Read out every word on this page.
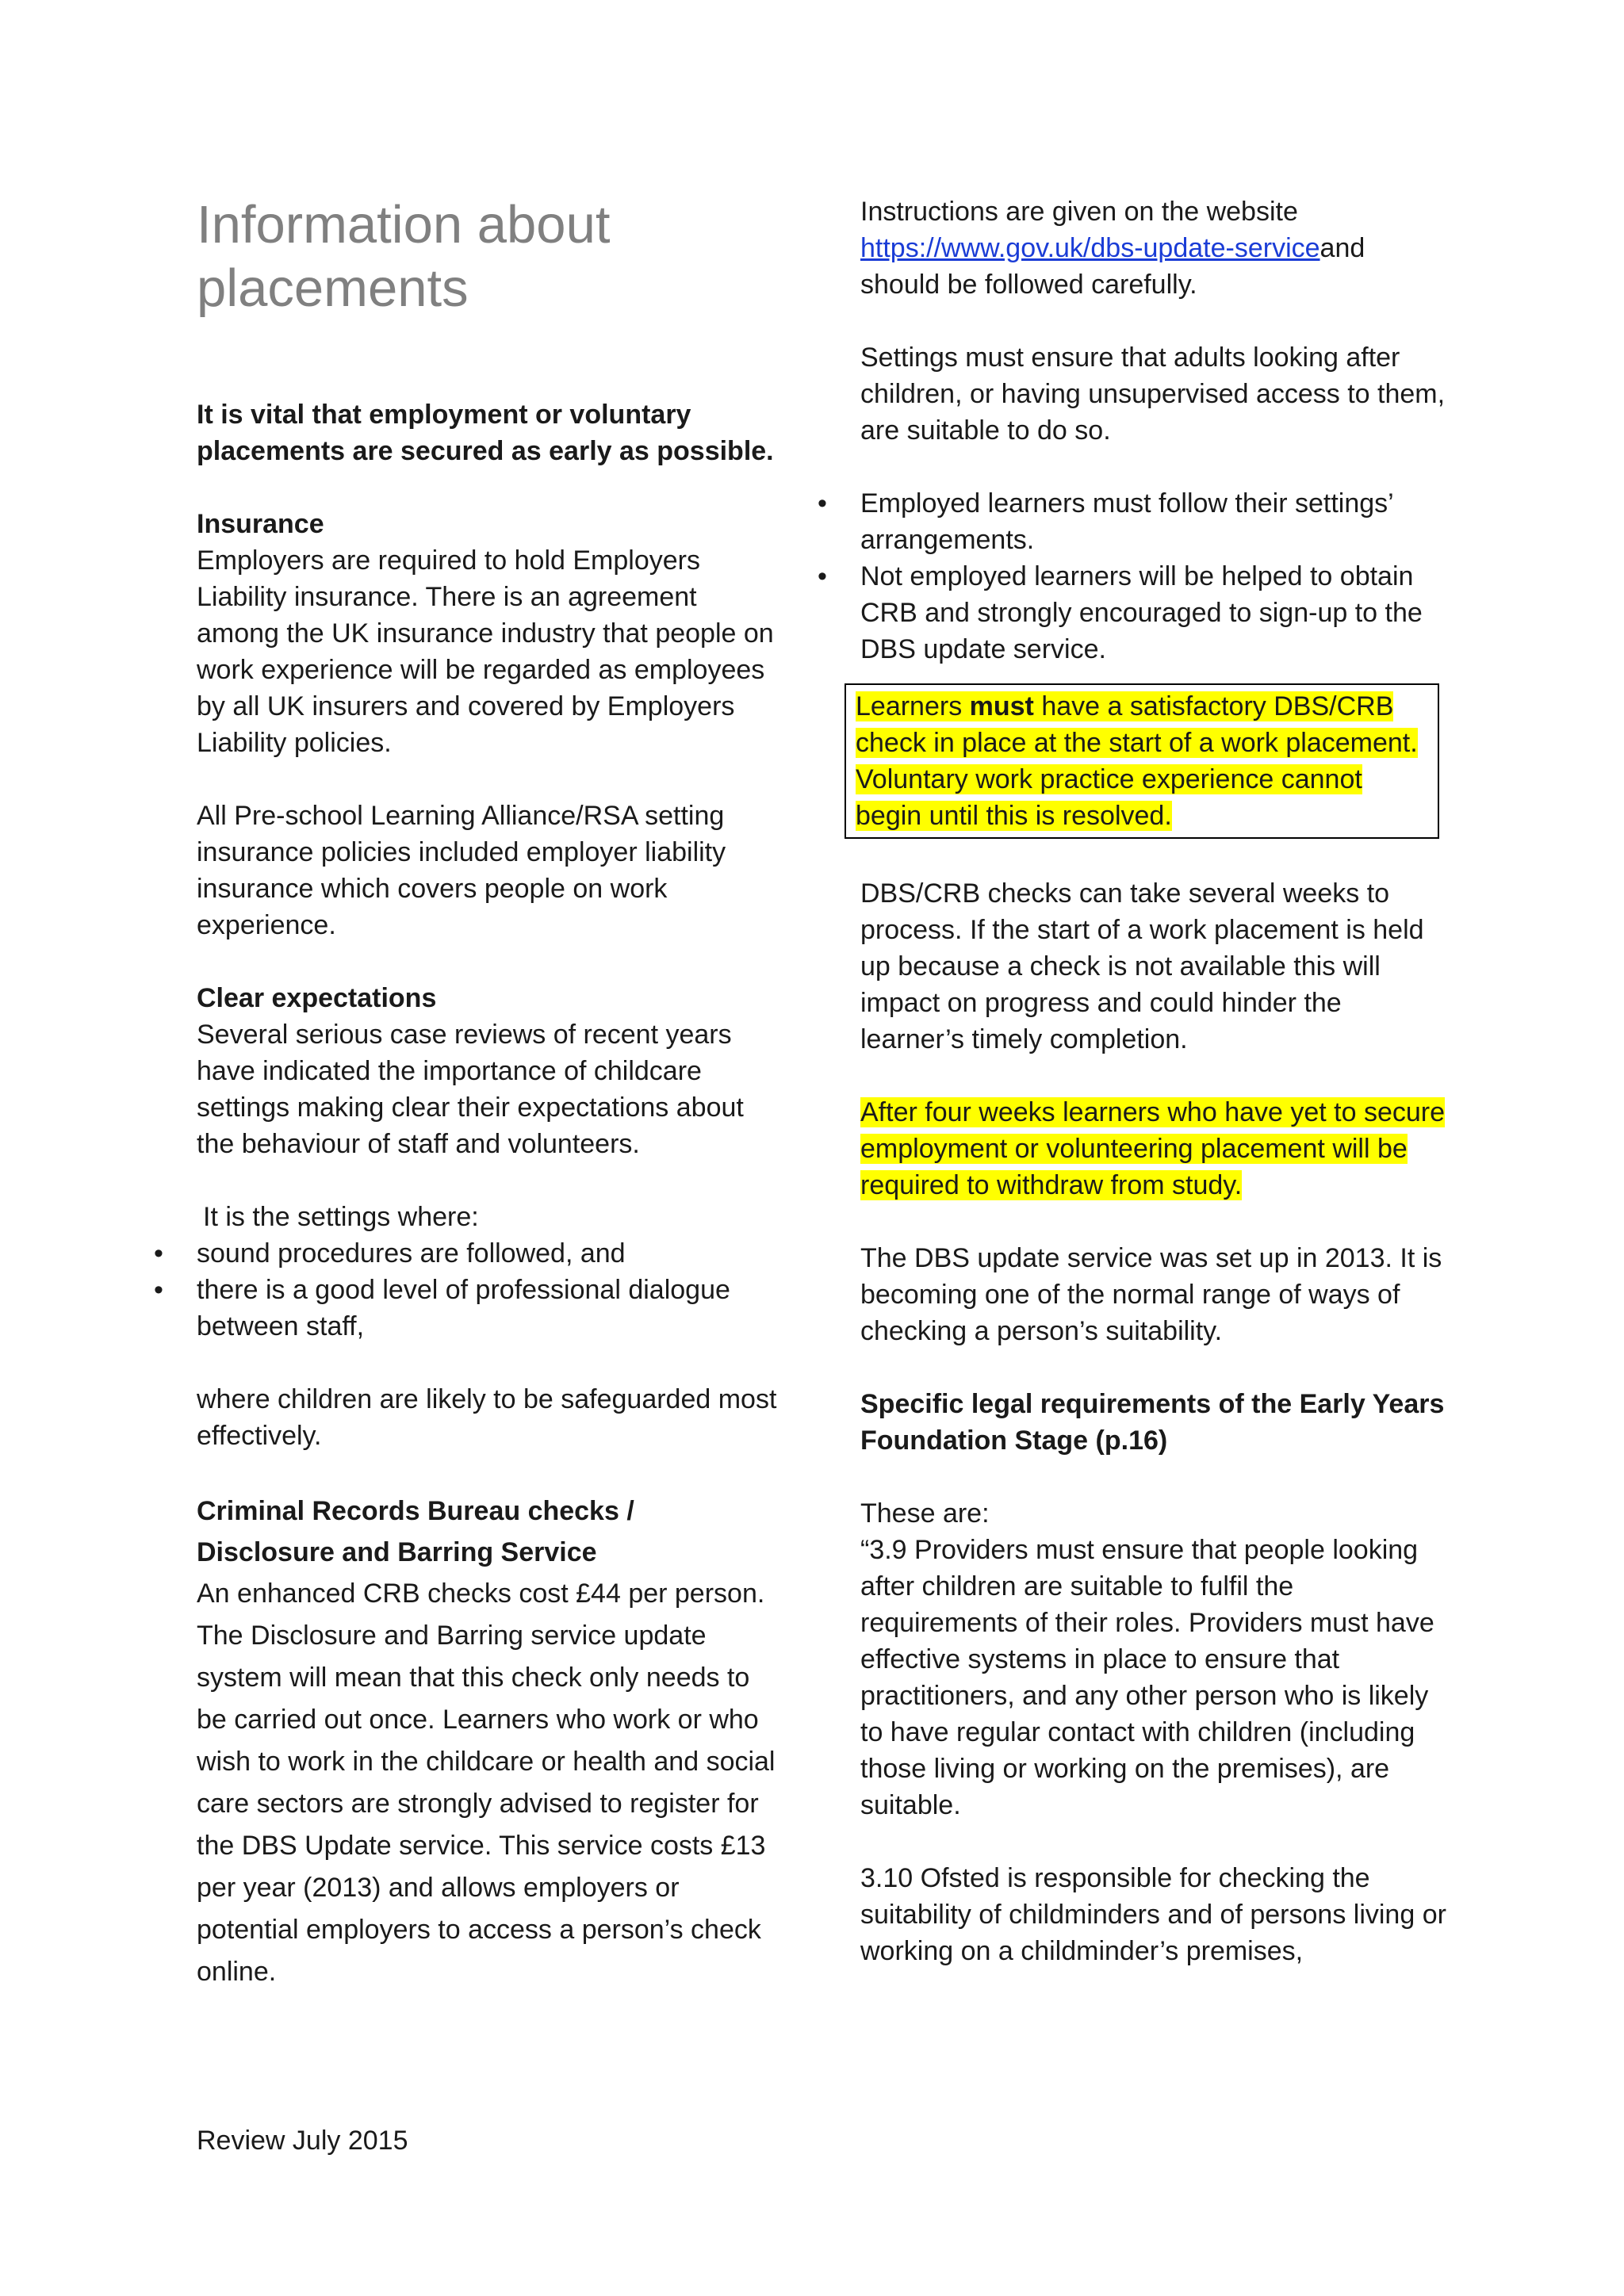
Information about placements

It is vital that employment or voluntary placements are secured as early as possible.

Insurance

Employers are required to hold Employers Liability insurance. There is an agreement among the UK insurance industry that people on work experience will be regarded as employees by all UK insurers and covered by Employers Liability policies.

All Pre-school Learning Alliance/RSA setting insurance policies included employer liability insurance which covers people on work experience.

Clear expectations

Several serious case reviews of recent years have indicated the importance of childcare settings making clear their expectations about the behaviour of staff and volunteers.

It is the settings where:

• sound procedures are followed, and
• there is a good level of professional dialogue between staff,

where children are likely to be safeguarded most effectively.

Criminal Records Bureau checks /

Disclosure and Barring Service

An enhanced CRB checks cost £44 per person. The Disclosure and Barring service update system will mean that this check only needs to be carried out once. Learners who work or who wish to work in the childcare or health and social care sectors are strongly advised to register for the DBS Update service. This service costs £13 per year (2013) and allows employers or potential employers to access a person’s check online.

Instructions are given on the website
https://www.gov.uk/dbs-update-serviceand should be followed carefully.

Settings must ensure that adults looking after children, or having unsupervised access to them, are suitable to do so.

• Employed learners must follow their settings’ arrangements.
• Not employed learners will be helped to obtain CRB and strongly encouraged to sign-up to the DBS update service.

Learners must have a satisfactory DBS/CRB check in place at the start of a work placement. Voluntary work practice experience cannot begin until this is resolved.

DBS/CRB checks can take several weeks to process. If the start of a work placement is held up because a check is not available this will impact on progress and could hinder the learner’s timely completion.

After four weeks learners who have yet to secure employment or volunteering placement will be required to withdraw from study.

The DBS update service was set up in 2013. It is becoming one of the normal range of ways of checking a person’s suitability.

Specific legal requirements of the Early Years Foundation Stage (p.16)

These are:

“3.9 Providers must ensure that people looking after children are suitable to fulfil the requirements of their roles. Providers must have effective systems in place to ensure that practitioners, and any other person who is likely to have regular contact with children (including those living or working on the premises), are suitable.

3.10 Ofsted is responsible for checking the suitability of childminders and of persons living or working on a childminder’s premises,

Review July 2015
